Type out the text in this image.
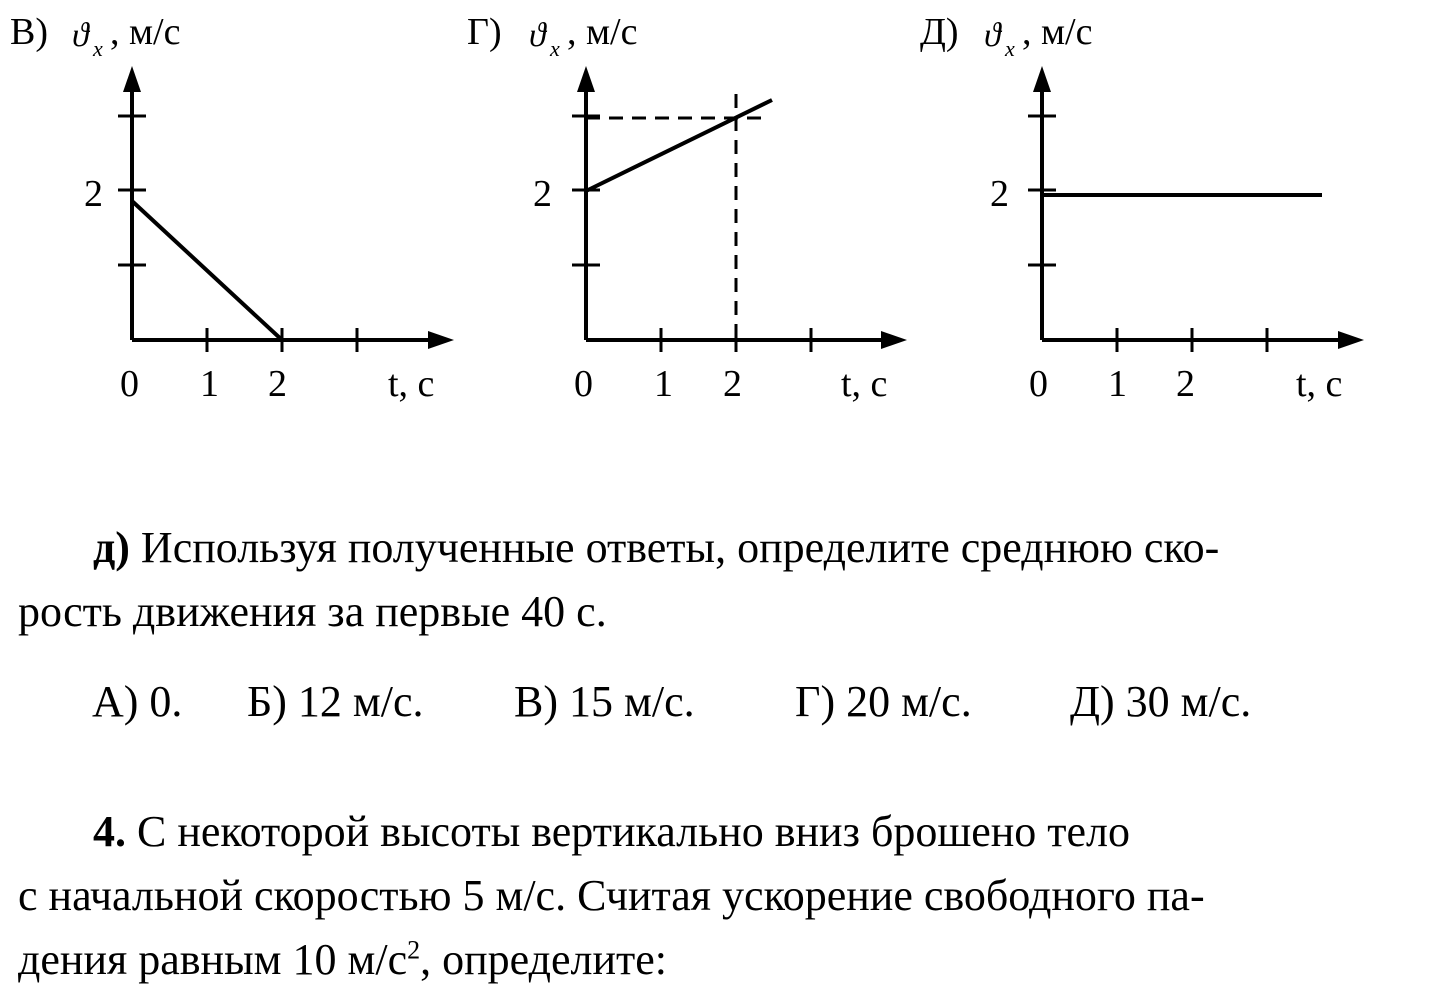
В) ϑ x , м/с
2
0 1 2	t, с
Г) ϑ x , м/с
2
0 1 2	t, с
Д) ϑ x , м/с
2
0 1 2	t, с
д) Используя полученные ответы, определите среднюю ско-
рость движения за первые 40 с.
А) 0. Б) 12 м/с. В) 15 м/с. Г) 20 м/с. Д) 30 м/с.
4. С некоторой высоты вертикально вниз брошено тело
с начальной скоростью 5 м/с. Считая ускорение свободного па-
дения равным 10 $м/с^2$, определите:
